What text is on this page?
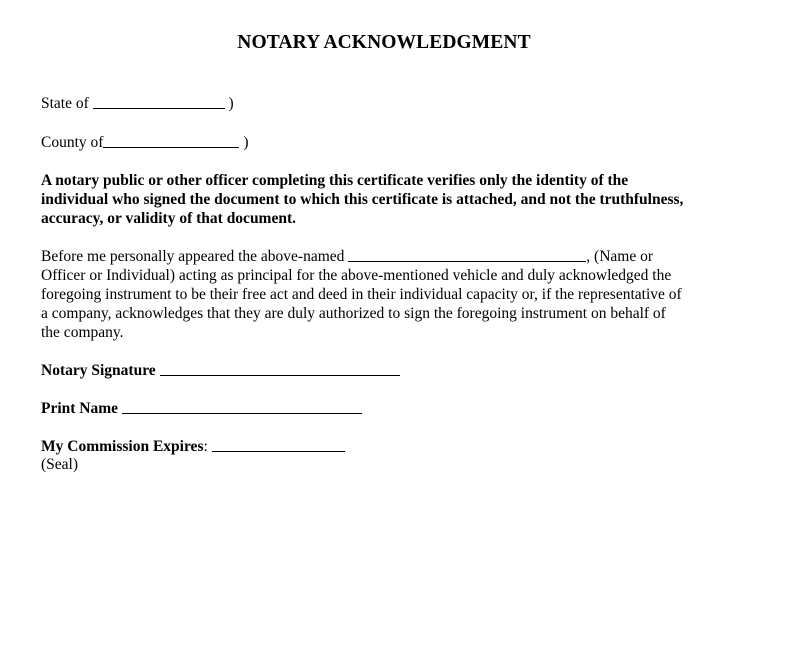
NOTARY ACKNOWLEDGMENT
State of	)
County of	)
A notary public or other officer completing this certificate verifies only the identity of the
individual who signed the document to which this certificate is attached, and not the truthfulness,
accuracy, or validity of that document.
Before me personally appeared the above-named	, (Name or
Officer or Individual) acting as principal for the above-mentioned vehicle and duly acknowledged the
foregoing instrument to be their free act and deed in their individual capacity or, if the representative of
a company, acknowledges that they are duly authorized to sign the foregoing instrument on behalf of
the company.
Notary Signature
Print Name
My Commission Expires:
(Seal)
